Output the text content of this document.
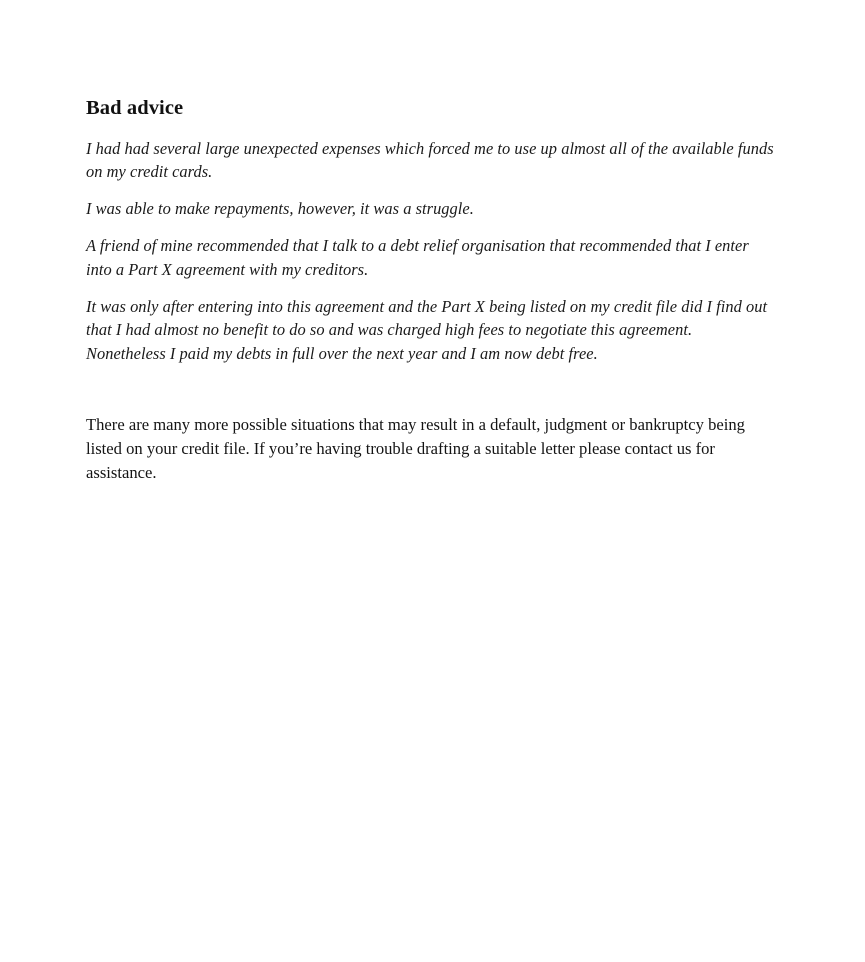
Bad advice

I had had several large unexpected expenses which forced me to use up almost all of the available funds on my credit cards.

I was able to make repayments, however, it was a struggle.

A friend of mine recommended that I talk to a debt relief organisation that recommended that I enter into a Part X agreement with my creditors.

It was only after entering into this agreement and the Part X being listed on my credit file did I find out that I had almost no benefit to do so and was charged high fees to negotiate this agreement. Nonetheless I paid my debts in full over the next year and I am now debt free.

There are many more possible situations that may result in a default, judgment or bankruptcy being listed on your credit file. If you’re having trouble drafting a suitable letter please contact us for assistance.
